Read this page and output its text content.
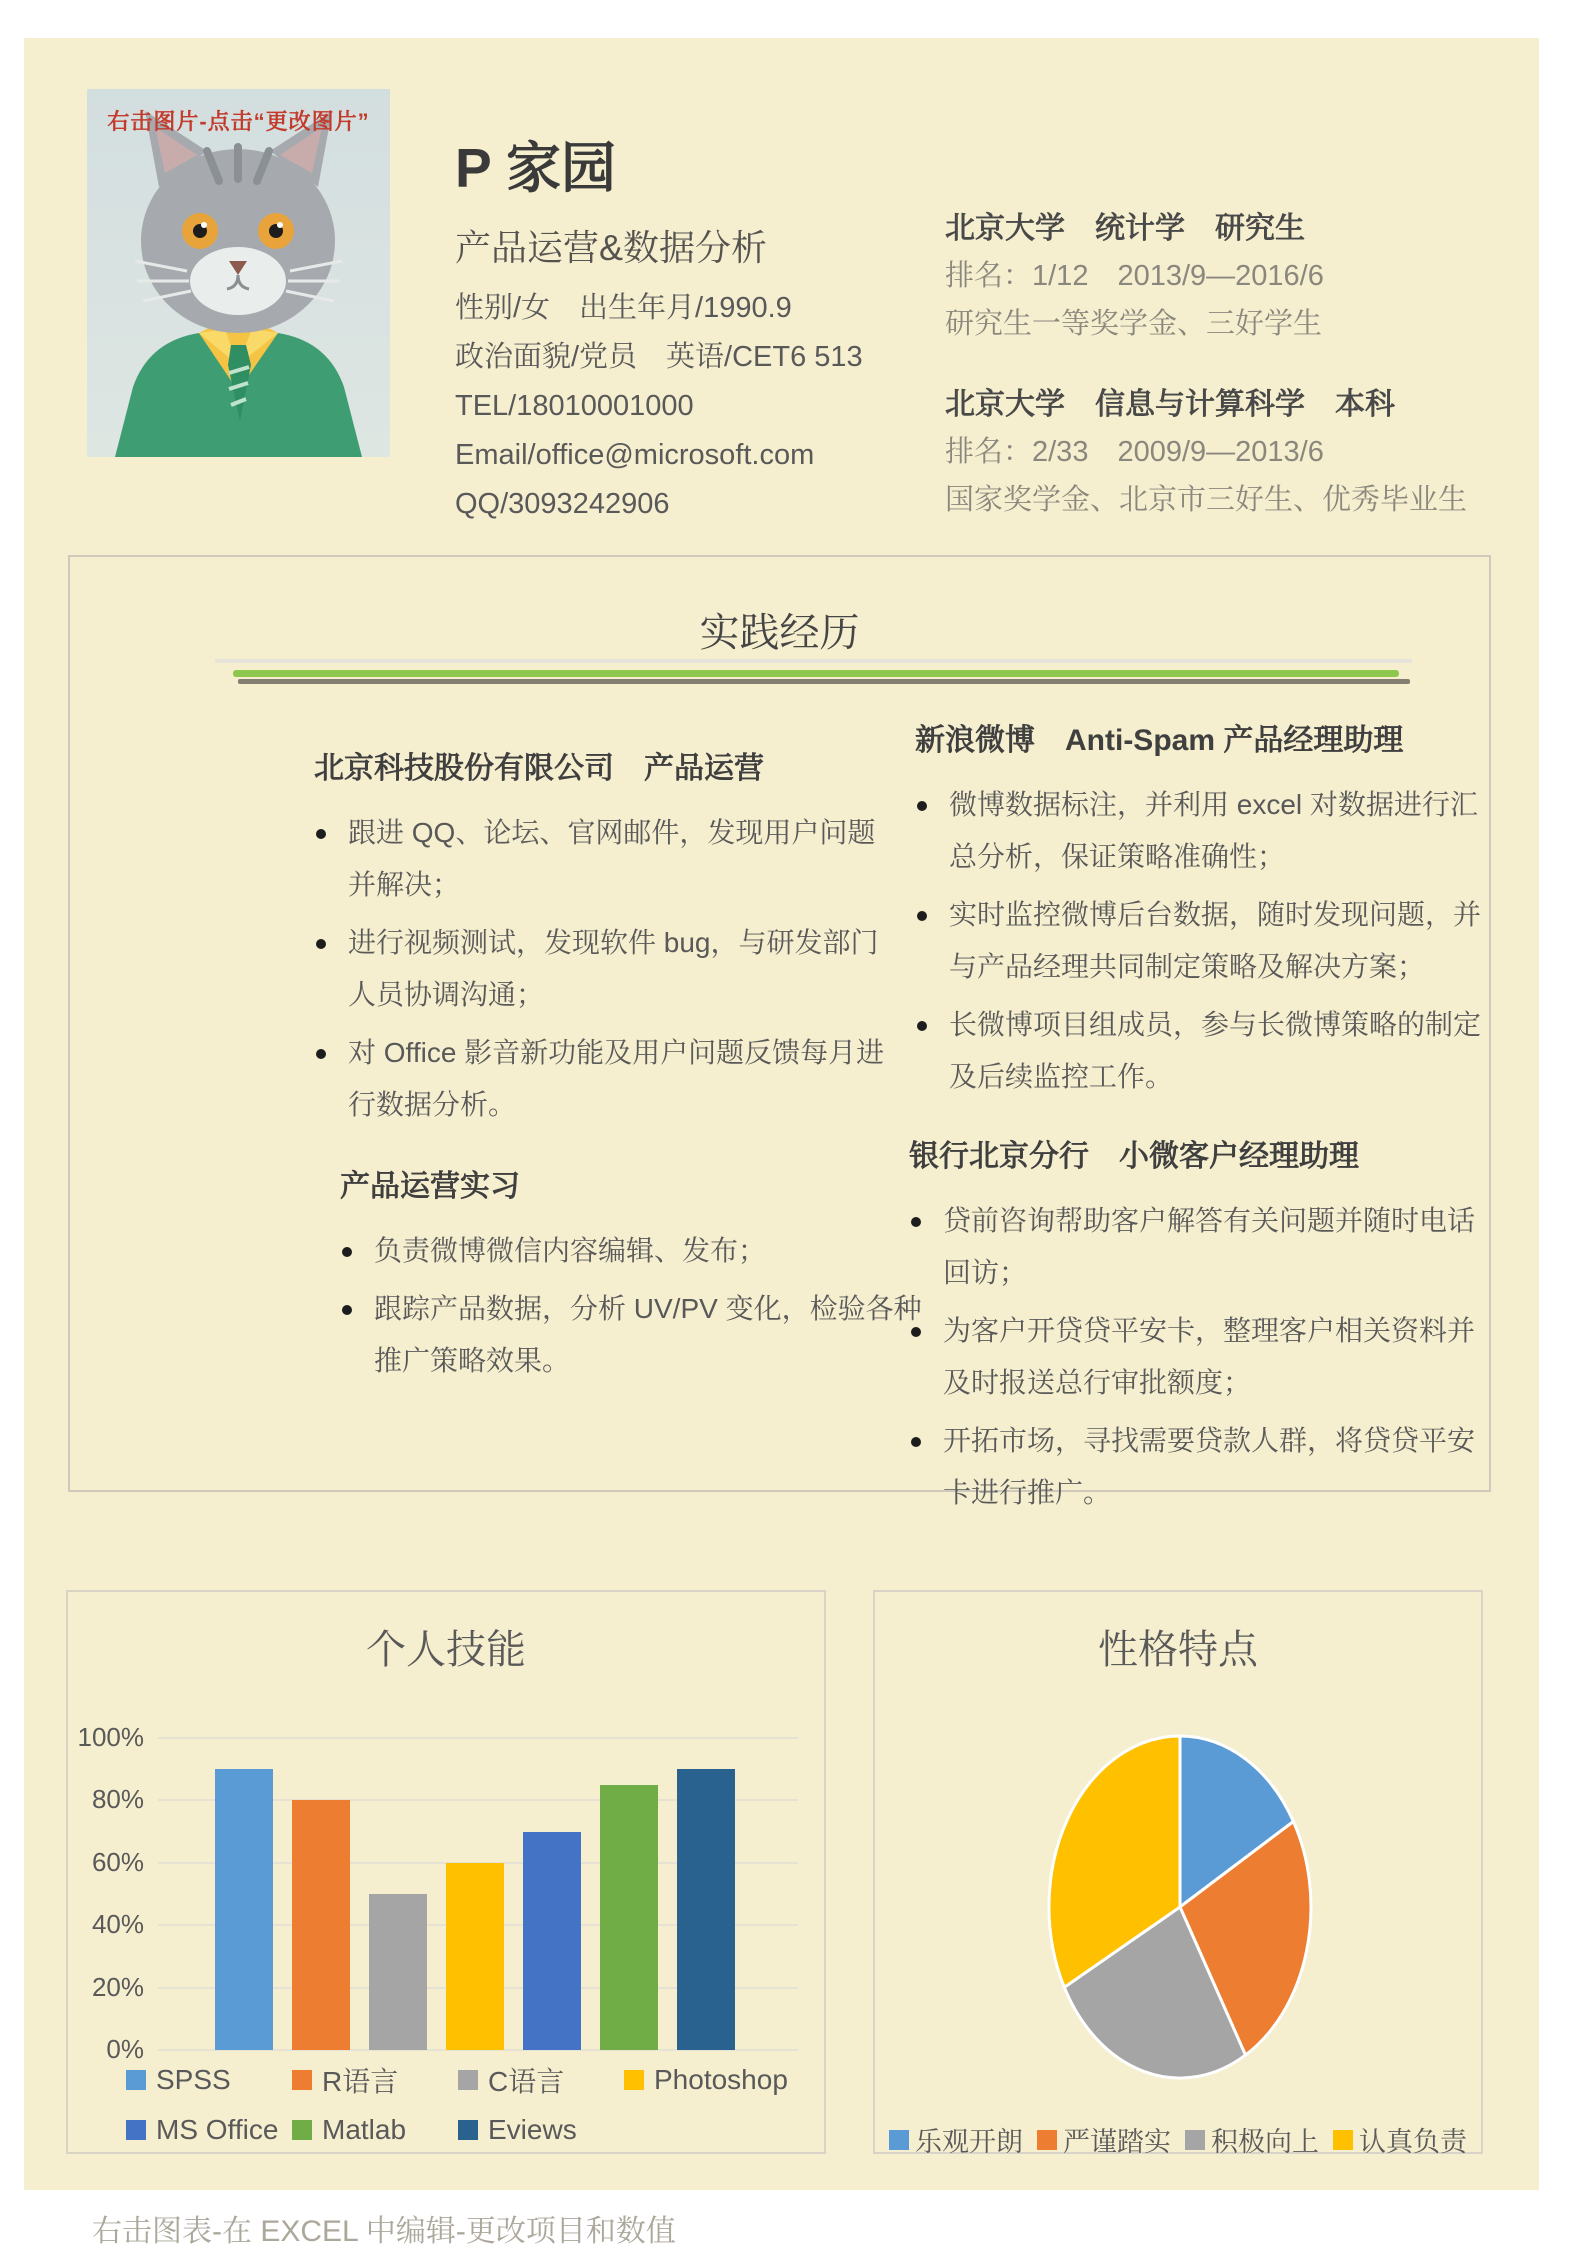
右击图片-点击“更改图片”
P 家园
产品运营&数据分析
性别/女　出生年月/1990.9
政治面貌/党员　英语/CET6 513
TEL/18010001000
Email/office@microsoft.com
QQ/3093242906
北京大学　统计学　研究生
排名：1/12　2013/9—2016/6
研究生一等奖学金、三好学生
北京大学　信息与计算科学　本科
排名：2/33　2009/9—2013/6
国家奖学金、北京市三好生、优秀毕业生
实践经历
北京科技股份有限公司　产品运营
跟进 QQ、论坛、官网邮件，发现用户问题并解决；
进行视频测试，发现软件 bug，与研发部门人员协调沟通；
对 Office 影音新功能及用户问题反馈每月进行数据分析。
产品运营实习
负责微博微信内容编辑、发布；
跟踪产品数据，分析 UV/PV 变化，检验各种推广策略效果。
新浪微博　Anti-Spam 产品经理助理
微博数据标注，并利用 excel 对数据进行汇总分析，保证策略准确性；
实时监控微博后台数据，随时发现问题，并与产品经理共同制定策略及解决方案；
长微博项目组成员，参与长微博策略的制定及后续监控工作。
银行北京分行　小微客户经理助理
贷前咨询帮助客户解答有关问题并随时电话回访；
为客户开贷贷平安卡，整理客户相关资料并及时报送总行审批额度；
开拓市场，寻找需要贷款人群，将贷贷平安卡进行推广。
个人技能
0%
20%
40%
60%
80%
100%
SPSS	R语言	C语言	Photoshop
MS Office Matlab	Eviews
性格特点
乐观开朗 严谨踏实 积极向上 认真负责
右击图表-在 EXCEL 中编辑-更改项目和数值
